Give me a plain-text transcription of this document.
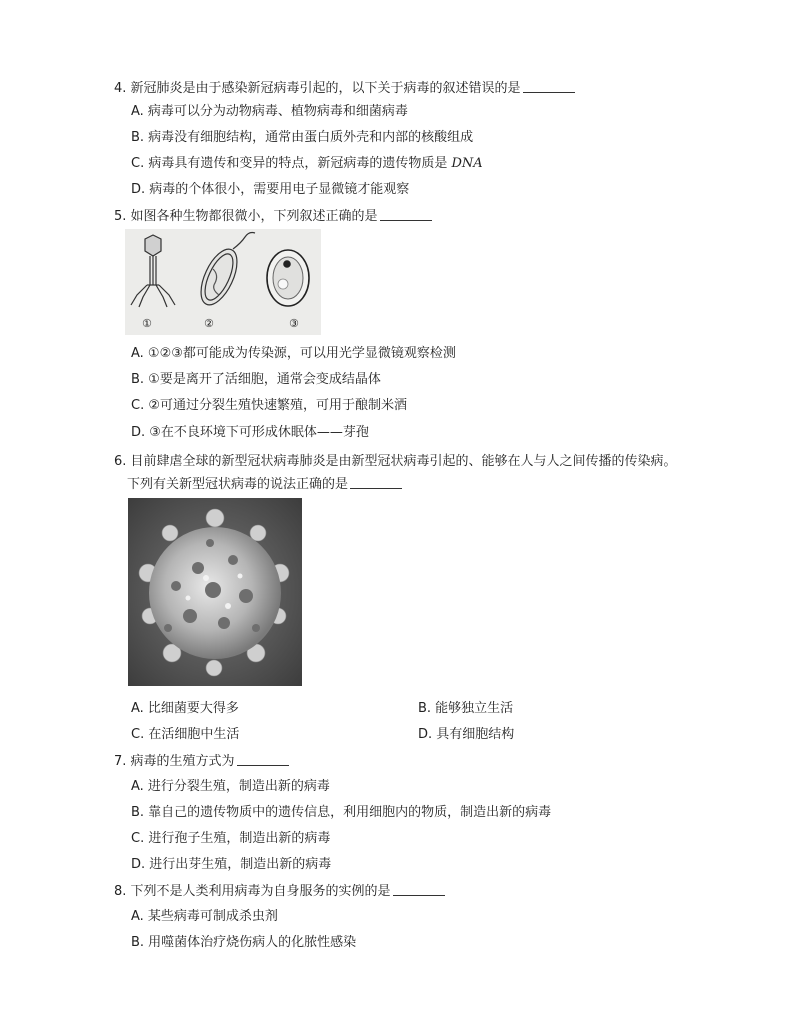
4. 新冠肺炎是由于感染新冠病毒引起的，以下关于病毒的叙述错误的是
A. 病毒可以分为动物病毒、植物病毒和细菌病毒
B. 病毒没有细胞结构，通常由蛋白质外壳和内部的核酸组成
C. 病毒具有遗传和变异的特点，新冠病毒的遗传物质是 DNA
D. 病毒的个体很小，需要用电子显微镜才能观察
5. 如图各种生物都很微小，下列叙述正确的是
①	②	③
A. ①②③都可能成为传染源，可以用光学显微镜观察检测
B. ①要是离开了活细胞，通常会变成结晶体
C. ②可通过分裂生殖快速繁殖，可用于酿制米酒
D. ③在不良环境下可形成休眠体——芽孢
6. 目前肆虐全球的新型冠状病毒肺炎是由新型冠状病毒引起的、能够在人与人之间传播的传染病。
下列有关新型冠状病毒的说法正确的是
A. 比细菌要大得多	B. 能够独立生活
C. 在活细胞中生活	D. 具有细胞结构
7. 病毒的生殖方式为
A. 进行分裂生殖，制造出新的病毒
B. 靠自己的遗传物质中的遗传信息，利用细胞内的物质，制造出新的病毒
C. 进行孢子生殖，制造出新的病毒
D. 进行出芽生殖，制造出新的病毒
8. 下列不是人类利用病毒为自身服务的实例的是
A. 某些病毒可制成杀虫剂
B. 用噬菌体治疗烧伤病人的化脓性感染
